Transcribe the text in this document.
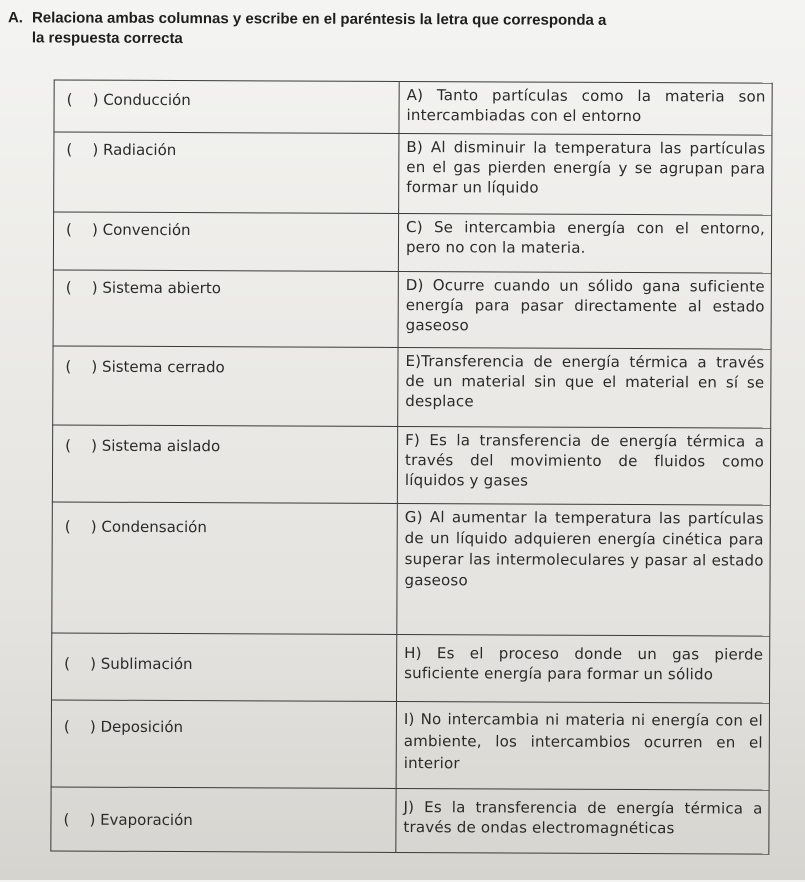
A. Relaciona ambas columnas y escribe en el paréntesis la letra que corresponda a
la respuesta correcta
( ) Conducción	A) Tanto partículas como la materia son intercambiadas con el entorno

( ) Radiación	B) Al disminuir la temperatura las partículas en el gas pierden energía y se agrupan para formar un líquido

( ) Convención	C) Se intercambia energía con el entorno, pero no con la materia.

( ) Sistema abierto	D) Ocurre cuando un sólido gana suficiente energía para pasar directamente al estado gaseoso

( ) Sistema cerrado	E)Transferencia de energía térmica a través de un material sin que el material en sí se desplace

( ) Sistema aislado	F) Es la transferencia de energía térmica a través del movimiento de fluidos como líquidos y gases

( ) Condensación	G) Al aumentar la temperatura las partículas de un líquido adquieren energía cinética para superar las intermoleculares y pasar al estado gaseoso

( ) Sublimación	H) Es el proceso donde un gas pierde suficiente energía para formar un sólido

( ) Deposición	I) No intercambia ni materia ni energía con el ambiente, los intercambios ocurren en el interior

( ) Evaporación	J) Es la transferencia de energía térmica a través de ondas electromagnéticas
